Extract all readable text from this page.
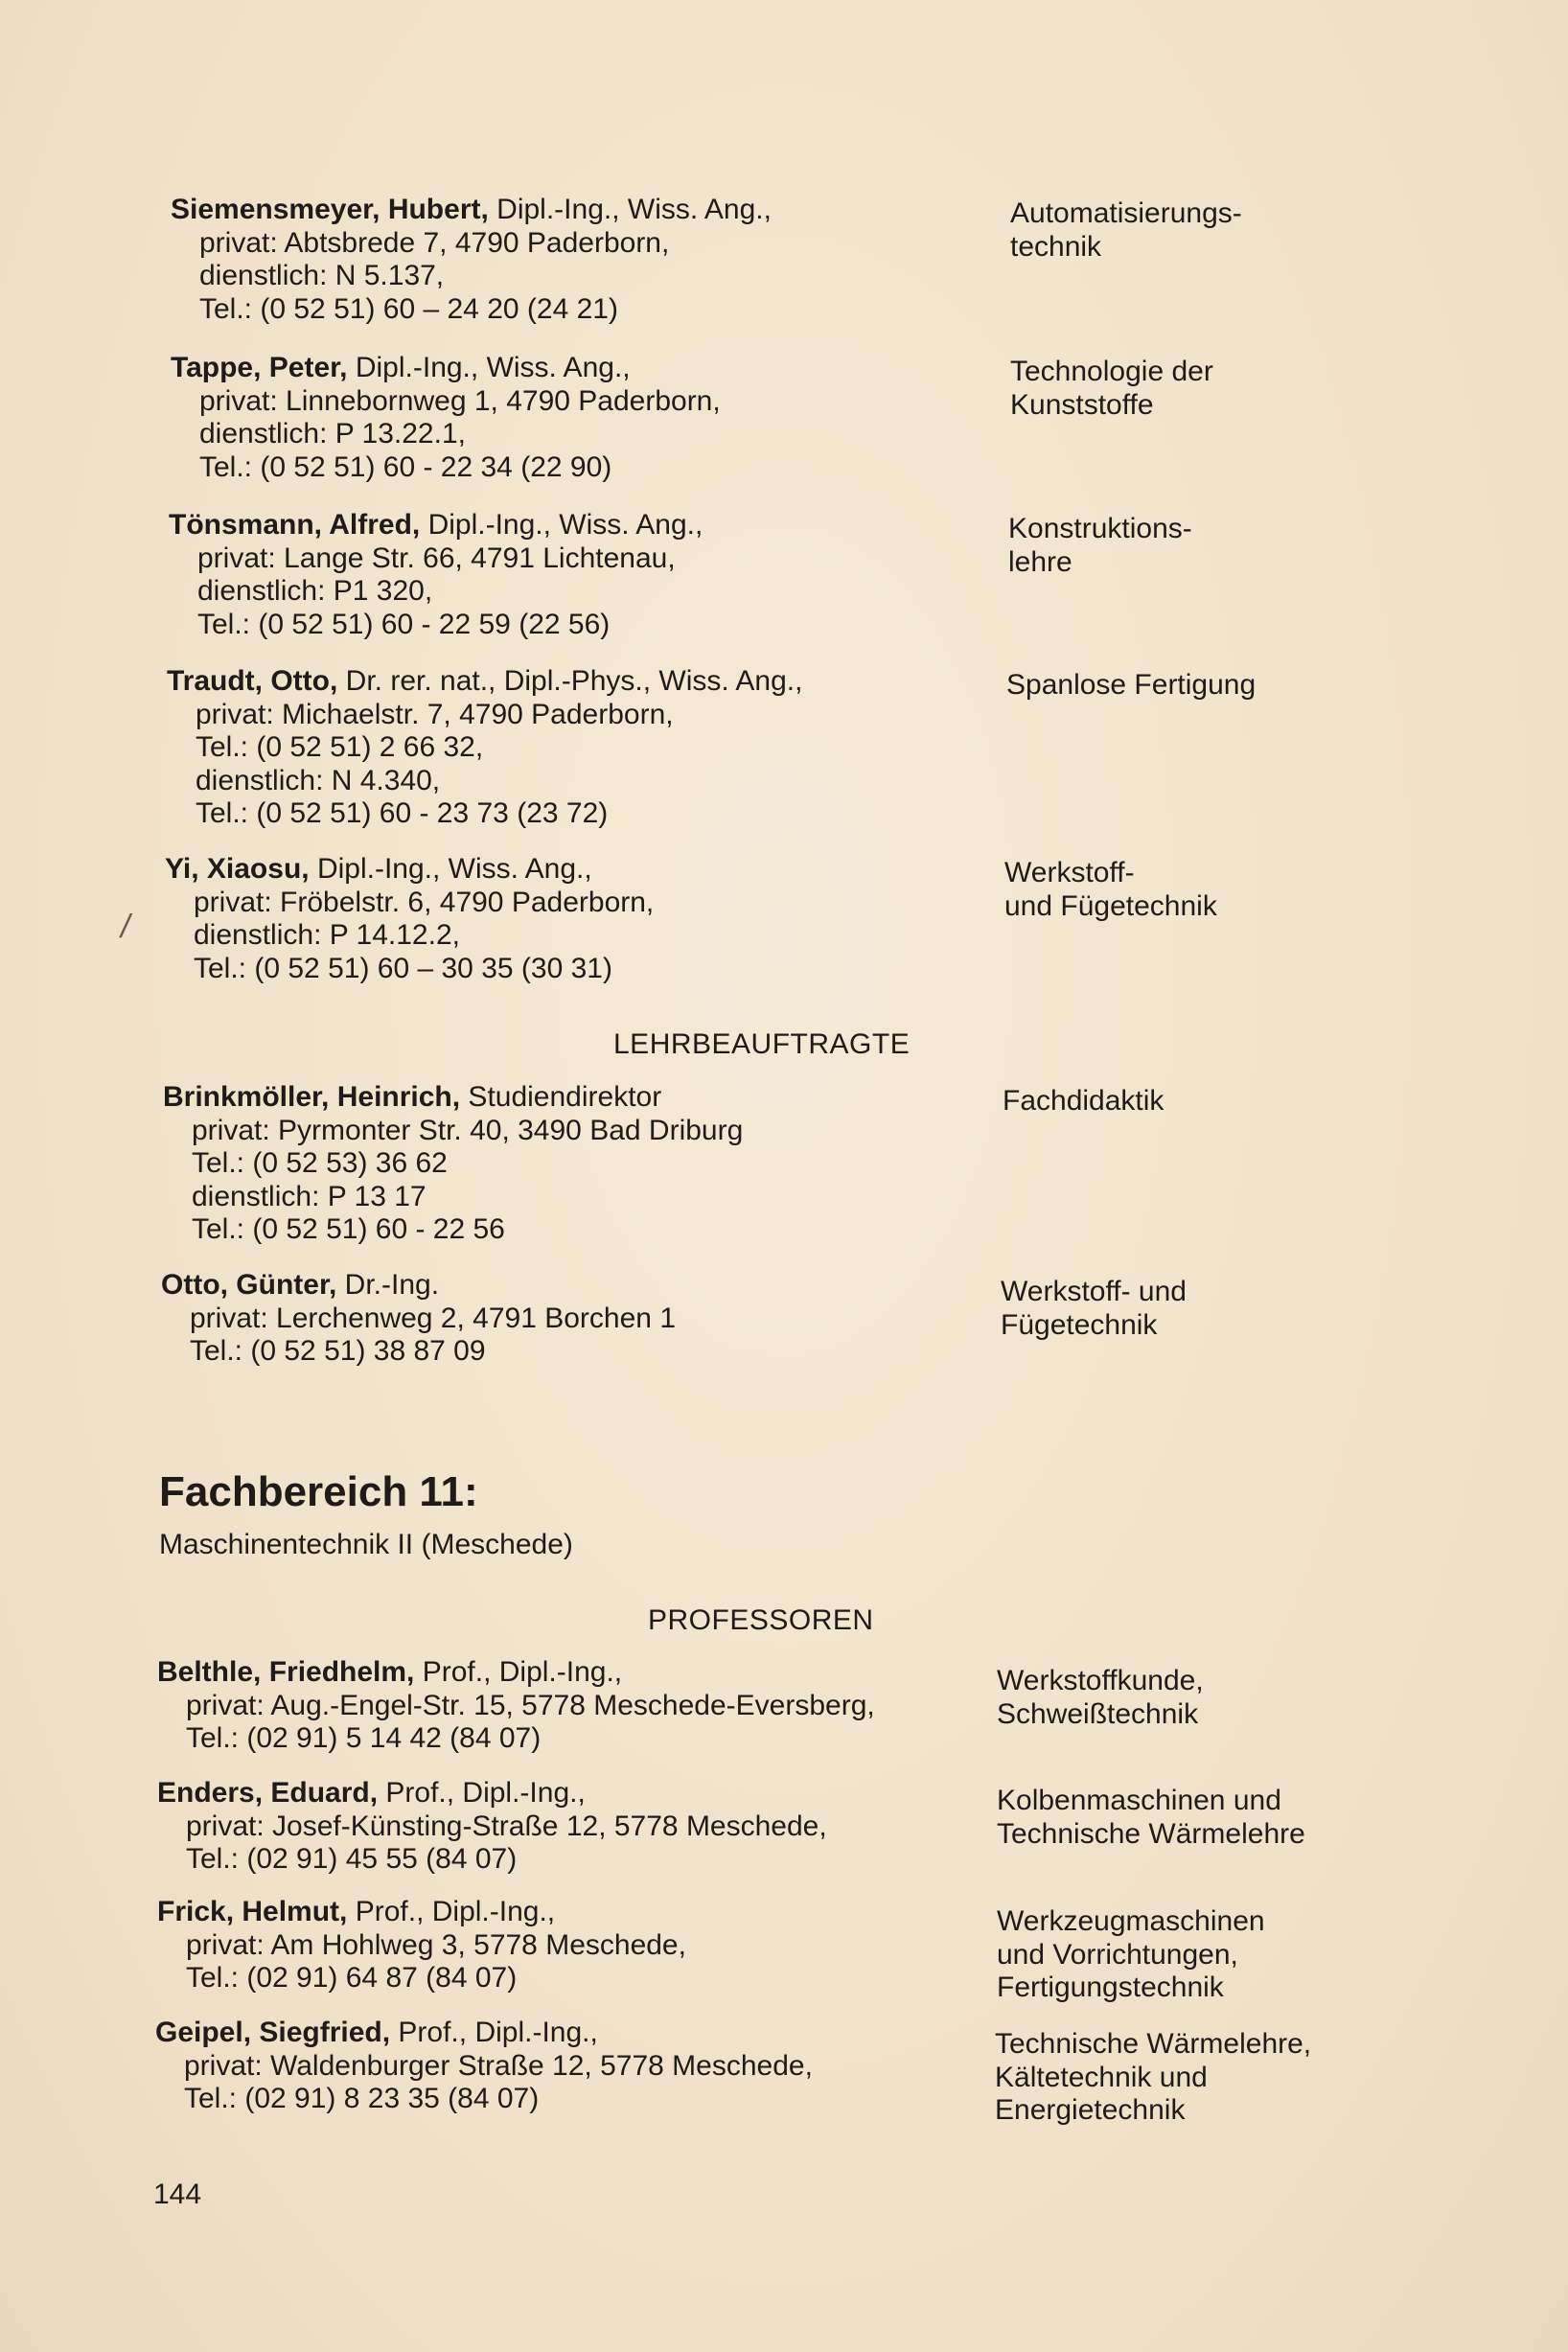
Siemensmeyer, Hubert, Dipl.-Ing., Wiss. Ang.,
privat: Abtsbrede 7, 4790 Paderborn,
dienstlich: N 5.137,
Tel.: (0 52 51) 60 – 24 20 (24 21)
Automatisierungs-
technik
Tappe, Peter, Dipl.-Ing., Wiss. Ang.,
privat: Linnebornweg 1, 4790 Paderborn,
dienstlich: P 13.22.1,
Tel.: (0 52 51) 60 - 22 34 (22 90)
Technologie der
Kunststoffe
Tönsmann, Alfred, Dipl.-Ing., Wiss. Ang.,
privat: Lange Str. 66, 4791 Lichtenau,
dienstlich: P1 320,
Tel.: (0 52 51) 60 - 22 59 (22 56)
Konstruktions-
lehre
Traudt, Otto, Dr. rer. nat., Dipl.-Phys., Wiss. Ang.,
privat: Michaelstr. 7, 4790 Paderborn,
Tel.: (0 52 51) 2 66 32,
dienstlich: N 4.340,
Tel.: (0 52 51) 60 - 23 73 (23 72)
Spanlose Fertigung
Yi, Xiaosu, Dipl.-Ing., Wiss. Ang.,
privat: Fröbelstr. 6, 4790 Paderborn,
dienstlich: P 14.12.2,
Tel.: (0 52 51) 60 – 30 35 (30 31)
Werkstoff-
und Fügetechnik
/
LEHRBEAUFTRAGTE
Brinkmöller, Heinrich, Studiendirektor
privat: Pyrmonter Str. 40, 3490 Bad Driburg
Tel.: (0 52 53) 36 62
dienstlich: P 13 17
Tel.: (0 52 51) 60 - 22 56
Fachdidaktik
Otto, Günter, Dr.-Ing.
privat: Lerchenweg 2, 4791 Borchen 1
Tel.: (0 52 51) 38 87 09
Werkstoff- und
Fügetechnik
Fachbereich 11:
Maschinentechnik II (Meschede)
PROFESSOREN
Belthle, Friedhelm, Prof., Dipl.-Ing.,
privat: Aug.-Engel-Str. 15, 5778 Meschede-Eversberg,
Tel.: (02 91) 5 14 42 (84 07)
Werkstoffkunde,
Schweißtechnik
Enders, Eduard, Prof., Dipl.-Ing.,
privat: Josef-Künsting-Straße 12, 5778 Meschede,
Tel.: (02 91) 45 55 (84 07)
Kolbenmaschinen und
Technische Wärmelehre
Frick, Helmut, Prof., Dipl.-Ing.,
privat: Am Hohlweg 3, 5778 Meschede,
Tel.: (02 91) 64 87 (84 07)
Werkzeugmaschinen
und Vorrichtungen,
Fertigungstechnik
Geipel, Siegfried, Prof., Dipl.-Ing.,
privat: Waldenburger Straße 12, 5778 Meschede,
Tel.: (02 91) 8 23 35 (84 07)
Technische Wärmelehre,
Kältetechnik und
Energietechnik
144
